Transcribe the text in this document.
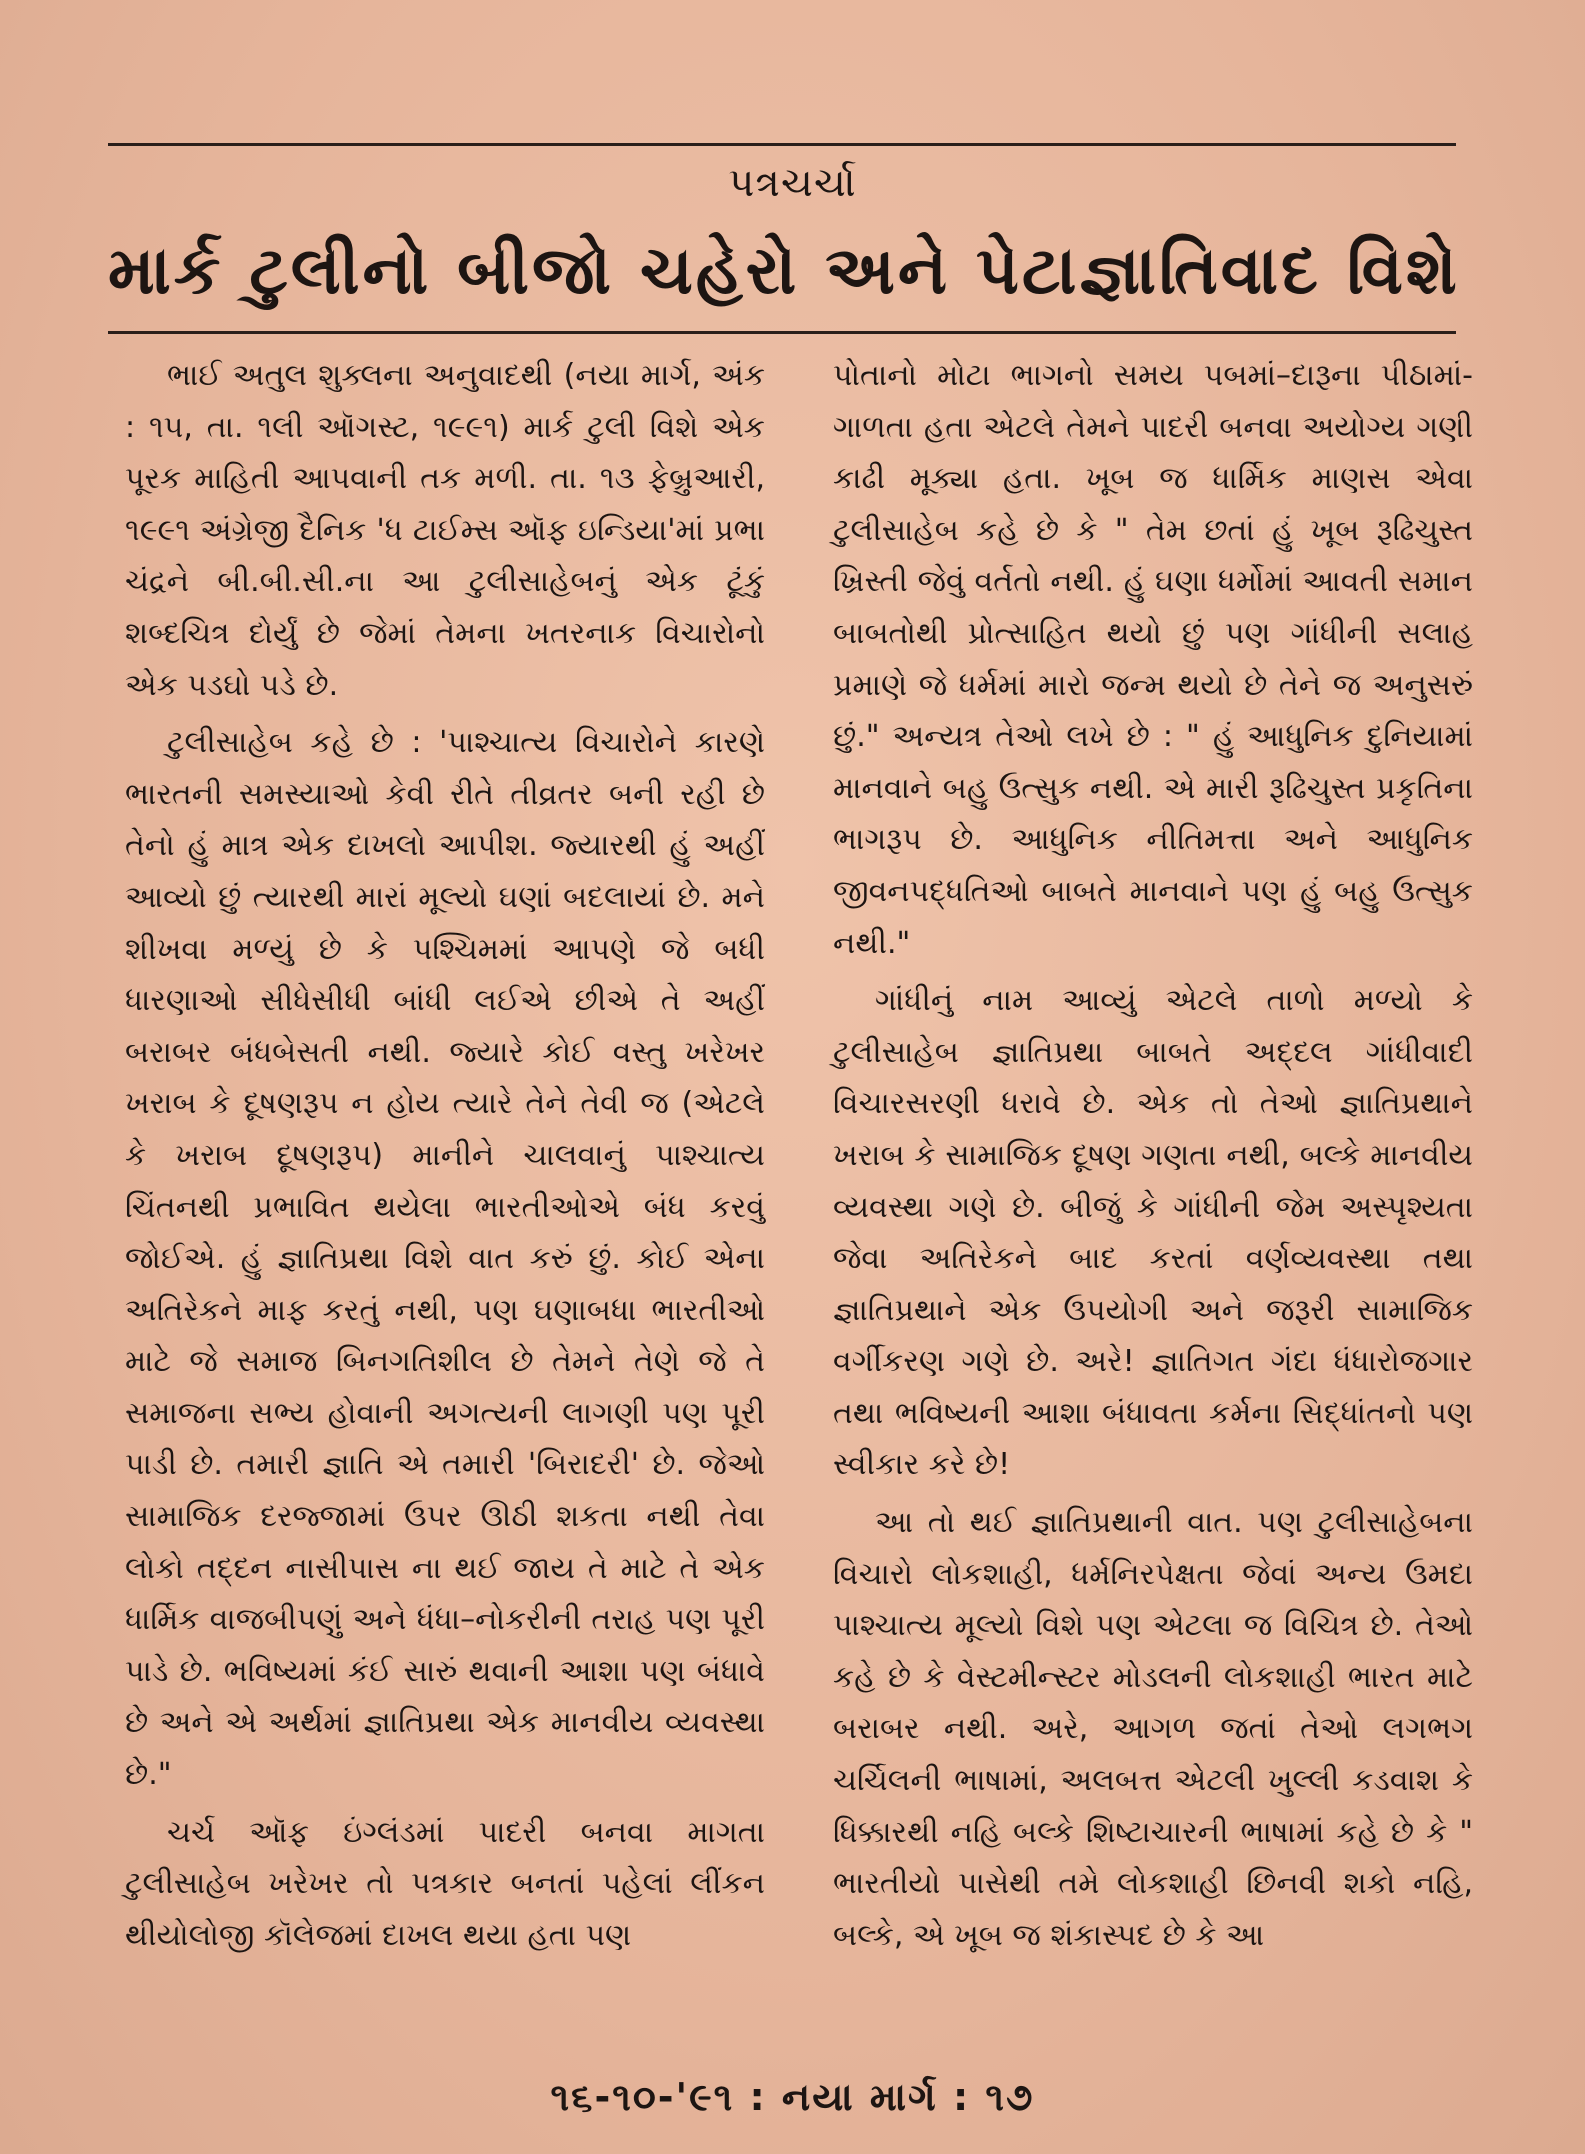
પત્રચર્ચા
માર્ક ટુલીનો બીજો ચહેરો અને પેટાજ્ઞાતિવાદ વિશે

ભાઈ અતુલ શુક્લના અનુવાદથી (નયા માર્ગ, અંક : ૧૫, તા. ૧લી ઑગસ્ટ, ૧૯૯૧) માર્ક ટુલી વિશે એક પૂરક માહિતી આપવાની તક મળી. તા. ૧૩ ફેબ્રુઆરી, ૧૯૯૧ અંગ્રેજી દૈનિક 'ધ ટાઈમ્સ ઑફ ઇન્ડિયા'માં પ્રભા ચંદ્રને બી.બી.સી.ના આ ટુલીસાહેબનું એક ટૂંકું શબ્દચિત્ર દોર્યું છે જેમાં તેમના ખતરનાક વિચારોનો એક પડઘો પડે છે.

ટુલીસાહેબ કહે છે : 'પાશ્ચાત્ય વિચારોને કારણે ભારતની સમસ્યાઓ કેવી રીતે તીવ્રતર બની રહી છે તેનો હું માત્ર એક દાખલો આપીશ. જ્યારથી હું અહીં આવ્યો છું ત્યારથી મારાં મૂલ્યો ઘણાં બદલાયાં છે. મને શીખવા મળ્યું છે કે પશ્ચિમમાં આપણે જે બધી ધારણાઓ સીધેસીધી બાંધી લઈએ છીએ તે અહીં બરાબર બંધબેસતી નથી. જ્યારે કોઈ વસ્તુ ખરેખર ખરાબ કે દૂષણરૂપ ન હોય ત્યારે તેને તેવી જ (એટલે કે ખરાબ દૂષણરૂપ) માનીને ચાલવાનું પાશ્ચાત્ય ચિંતનથી પ્રભાવિત થયેલા ભારતીઓએ બંધ કરવું જોઈએ. હું જ્ઞાતિપ્રથા વિશે વાત કરું છું. કોઈ એના અતિરેકને માફ કરતું નથી, પણ ઘણાબધા ભારતીઓ માટે જે સમાજ બિનગતિશીલ છે તેમને તેણે જે તે સમાજના સભ્ય હોવાની અગત્યની લાગણી પણ પૂરી પાડી છે. તમારી જ્ઞાતિ એ તમારી 'બિરાદરી' છે. જેઓ સામાજિક દરજ્જામાં ઉપર ઊઠી શકતા નથી તેવા લોકો તદ્દન નાસીપાસ ના થઈ જાય તે માટે તે એક ધાર્મિક વાજબીપણું અને ધંધા–નોકરીની તરાહ પણ પૂરી પાડે છે. ભવિષ્યમાં કંઈ સારું થવાની આશા પણ બંધાવે છે અને એ અર્થમાં જ્ઞાતિપ્રથા એક માનવીય વ્યવસ્થા છે."

ચર્ચ ઑફ ઇંગ્લંડમાં પાદરી બનવા માગતા ટુલીસાહેબ ખરેખર તો પત્રકાર બનતાં પહેલાં લીંકન થીયોલોજી કૉલેજમાં દાખલ થયા હતા પણ

પોતાનો મોટા ભાગનો સમય પબમાં–દારૂના પીઠામાં-ગાળતા હતા એટલે તેમને પાદરી બનવા અયોગ્ય ગણી કાઢી મૂક્યા હતા. ખૂબ જ ધાર્મિક માણસ એવા ટુલીસાહેબ કહે છે કે " તેમ છતાં હું ખૂબ રૂઢિચુસ્ત ખ્રિસ્તી જેવું વર્તતો નથી. હું ઘણા ધર્મોમાં આવતી સમાન બાબતોથી પ્રોત્સાહિત થયો છું પણ ગાંધીની સલાહ પ્રમાણે જે ધર્મમાં મારો જન્મ થયો છે તેને જ અનુસરું છું." અન્યત્ર તેઓ લખે છે : " હું આધુનિક દુનિયામાં માનવાને બહુ ઉત્સુક નથી. એ મારી રૂઢિચુસ્ત પ્રકૃતિના ભાગરૂપ છે. આધુનિક નીતિમત્તા અને આધુનિક જીવનપદ્ધતિઓ બાબતે માનવાને પણ હું બહુ ઉત્સુક નથી."

ગાંધીનું નામ આવ્યું એટલે તાળો મળ્યો કે ટુલીસાહેબ જ્ઞાતિપ્રથા બાબતે અદ્દલ ગાંધીવાદી વિચારસરણી ધરાવે છે. એક તો તેઓ જ્ઞાતિપ્રથાને ખરાબ કે સામાજિક દૂષણ ગણતા નથી, બલ્કે માનવીય વ્યવસ્થા ગણે છે. બીજું કે ગાંધીની જેમ અસ્પૃશ્યતા જેવા અતિરેકને બાદ કરતાં વર્ણવ્યવસ્થા તથા જ્ઞાતિપ્રથાને એક ઉપયોગી અને જરૂરી સામાજિક વર્ગીકરણ ગણે છે. અરે! જ્ઞાતિગત ગંદા ધંધારોજગાર તથા ભવિષ્યની આશા બંધાવતા કર્મના સિદ્ધાંતનો પણ સ્વીકાર કરે છે!

આ તો થઈ જ્ઞાતિપ્રથાની વાત. પણ ટુલીસાહેબના વિચારો લોકશાહી, ધર્મનિરપેક્ષતા જેવાં અન્ય ઉમદા પાશ્ચાત્ય મૂલ્યો વિશે પણ એટલા જ વિચિત્ર છે. તેઓ કહે છે કે વેસ્ટમીન્સ્ટર મોડલની લોકશાહી ભારત માટે બરાબર નથી. અરે, આગળ જતાં તેઓ લગભગ ચર્ચિલની ભાષામાં, અલબત્ત એટલી ખુલ્લી કડવાશ કે ધિક્કારથી નહિ બલ્કે શિષ્ટાચારની ભાષામાં કહે છે કે " ભારતીયો પાસેથી તમે લોકશાહી છિનવી શકો નહિ, બલ્કે, એ ખૂબ જ શંકાસ્પદ છે કે આ

૧૬-૧૦-'૯૧ : નયા માર્ગ : ૧૭
